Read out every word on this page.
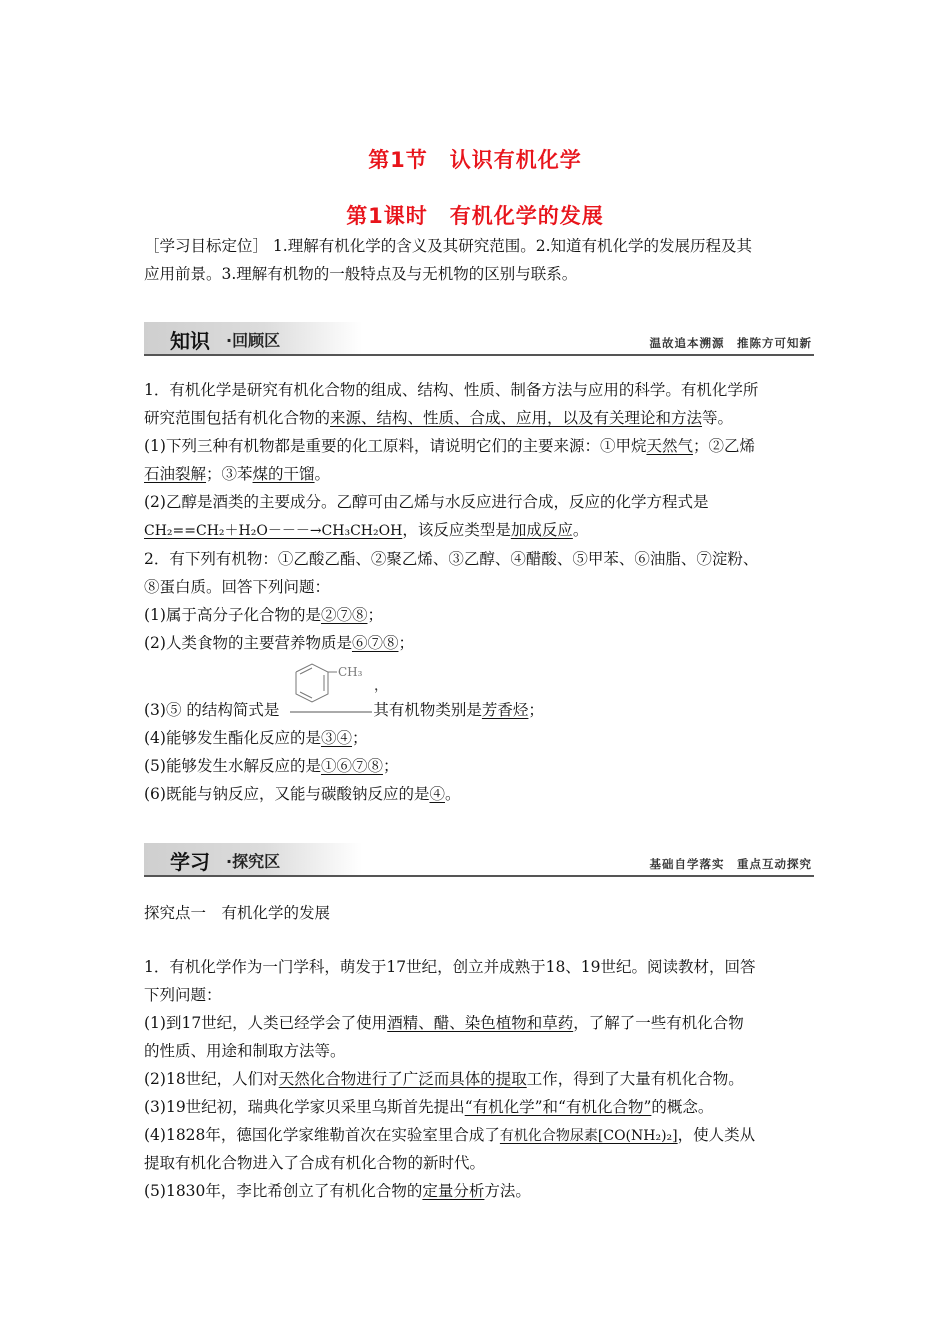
第1节　认识有机化学
第1课时　有机化学的发展
［学习目标定位］ 1.理解有机化学的含义及其研究范围。2.知道有机化学的发展历程及其
应用前景。3.理解有机物的一般特点及与无机物的区别与联系。
知识 ·回顾区	温故追本溯源　推陈方可知新
1．有机化学是研究有机化合物的组成、结构、性质、制备方法与应用的科学。有机化学所
研究范围包括有机化合物的来源、结构、性质、合成、应用，以及有关理论和方法等。
(1)下列三种有机物都是重要的化工原料，请说明它们的主要来源：①甲烷天然气；②乙烯
石油裂解；③苯煤的干馏。
(2)乙醇是酒类的主要成分。乙醇可由乙烯与水反应进行合成，反应的化学方程式是
CH₂==CH₂＋H₂O－－－→CH₃CH₂OH，该反应类型是加成反应。
2．有下列有机物：①乙酸乙酯、②聚乙烯、③乙醇、④醋酸、⑤甲苯、⑥油脂、⑦淀粉、
⑧蛋白质。回答下列问题：
(1)属于高分子化合物的是②⑦⑧；
(2)人类食物的主要营养物质是⑥⑦⑧；
CH₃
，
(3)⑤ 的结构简式是	其有机物类别是芳香烃；
(4)能够发生酯化反应的是③④；
(5)能够发生水解反应的是①⑥⑦⑧；
(6)既能与钠反应，又能与碳酸钠反应的是④。
学习 ·探究区	基础自学落实　重点互动探究
探究点一　有机化学的发展
1．有机化学作为一门学科，萌发于17世纪，创立并成熟于18、19世纪。阅读教材，回答
下列问题：
(1)到17世纪，人类已经学会了使用酒精、醋、染色植物和草药，了解了一些有机化合物
的性质、用途和制取方法等。
(2)18世纪，人们对天然化合物进行了广泛而具体的提取工作，得到了大量有机化合物。
(3)19世纪初，瑞典化学家贝采里乌斯首先提出“有机化学”和“有机化合物”的概念。
(4)1828年，德国化学家维勒首次在实验室里合成了有机化合物尿素[CO(NH₂)₂]，使人类从
提取有机化合物进入了合成有机化合物的新时代。
(5)1830年，李比希创立了有机化合物的定量分析方法。
